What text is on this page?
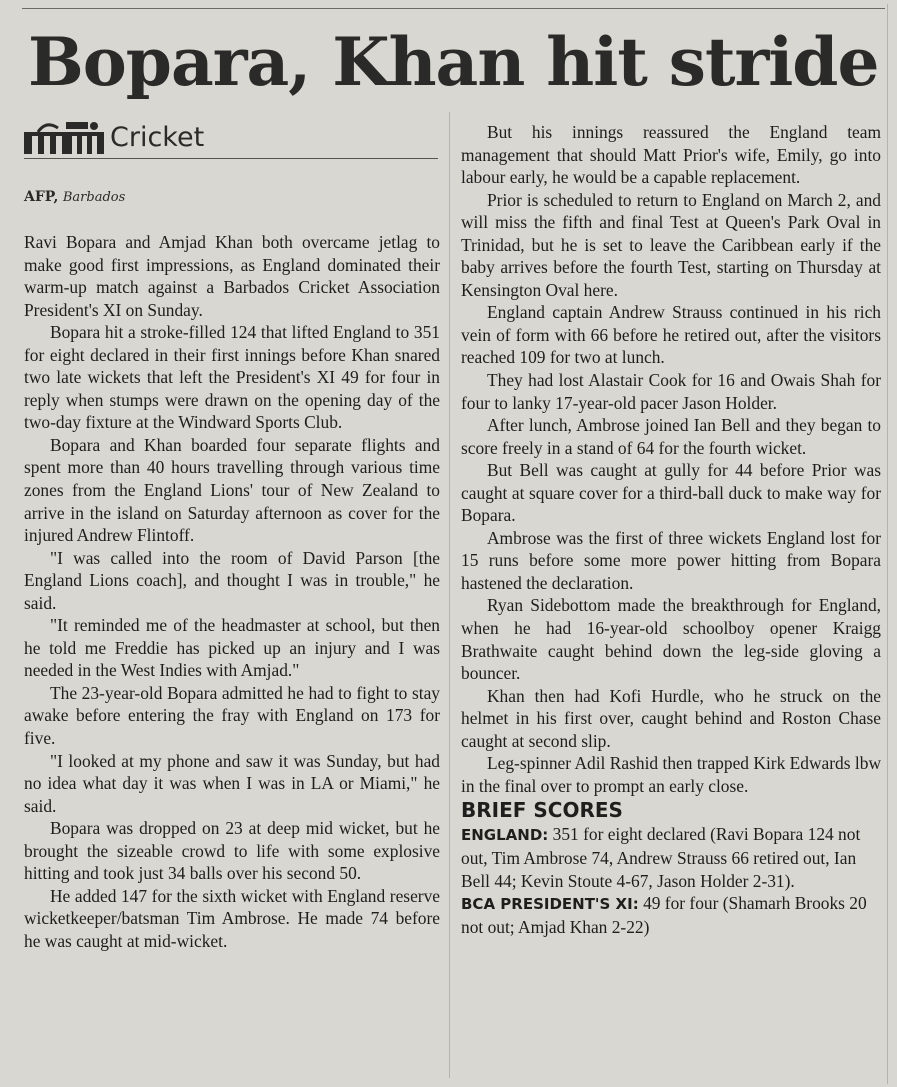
Bopara, Khan hit stride
Cricket
AFP, Barbados

Ravi Bopara and Amjad Khan both overcame jetlag to make good first impressions, as England dominated their warm-up match against a Barbados Cricket Association President's XI on Sunday.

Bopara hit a stroke-filled 124 that lifted England to 351 for eight declared in their first innings before Khan snared two late wickets that left the President's XI 49 for four in reply when stumps were drawn on the opening day of the two-day fixture at the Windward Sports Club.

Bopara and Khan boarded four separate flights and spent more than 40 hours travelling through various time zones from the England Lions' tour of New Zealand to arrive in the island on Saturday afternoon as cover for the injured Andrew Flintoff.

"I was called into the room of David Parson [the England Lions coach], and thought I was in trouble," he said.

"It reminded me of the headmaster at school, but then he told me Freddie has picked up an injury and I was needed in the West Indies with Amjad."

The 23-year-old Bopara admitted he had to fight to stay awake before entering the fray with England on 173 for five.

"I looked at my phone and saw it was Sunday, but had no idea what day it was when I was in LA or Miami," he said.

Bopara was dropped on 23 at deep mid wicket, but he brought the sizeable crowd to life with some explosive hitting and took just 34 balls over his second 50.

He added 147 for the sixth wicket with England reserve wicketkeeper/batsman Tim Ambrose. He made 74 before he was caught at mid-wicket.

But his innings reassured the England team management that should Matt Prior's wife, Emily, go into labour early, he would be a capable replacement.

Prior is scheduled to return to England on March 2, and will miss the fifth and final Test at Queen's Park Oval in Trinidad, but he is set to leave the Caribbean early if the baby arrives before the fourth Test, starting on Thursday at Kensington Oval here.

England captain Andrew Strauss continued in his rich vein of form with 66 before he retired out, after the visitors reached 109 for two at lunch.

They had lost Alastair Cook for 16 and Owais Shah for four to lanky 17-year-old pacer Jason Holder.

After lunch, Ambrose joined Ian Bell and they began to score freely in a stand of 64 for the fourth wicket.

But Bell was caught at gully for 44 before Prior was caught at square cover for a third-ball duck to make way for Bopara.

Ambrose was the first of three wickets England lost for 15 runs before some more power hitting from Bopara hastened the declaration.

Ryan Sidebottom made the breakthrough for England, when he had 16-year-old schoolboy opener Kraigg Brathwaite caught behind down the leg-side gloving a bouncer.

Khan then had Kofi Hurdle, who he struck on the helmet in his first over, caught behind and Roston Chase caught at second slip.

Leg-spinner Adil Rashid then trapped Kirk Edwards lbw in the final over to prompt an early close.

BRIEF SCORES

ENGLAND: 351 for eight declared (Ravi Bopara 124 not out, Tim Ambrose 74, Andrew Strauss 66 retired out, Ian Bell 44; Kevin Stoute 4-67, Jason Holder 2-31).

BCA PRESIDENT'S XI: 49 for four (Shamarh Brooks 20 not out; Amjad Khan 2-22)
